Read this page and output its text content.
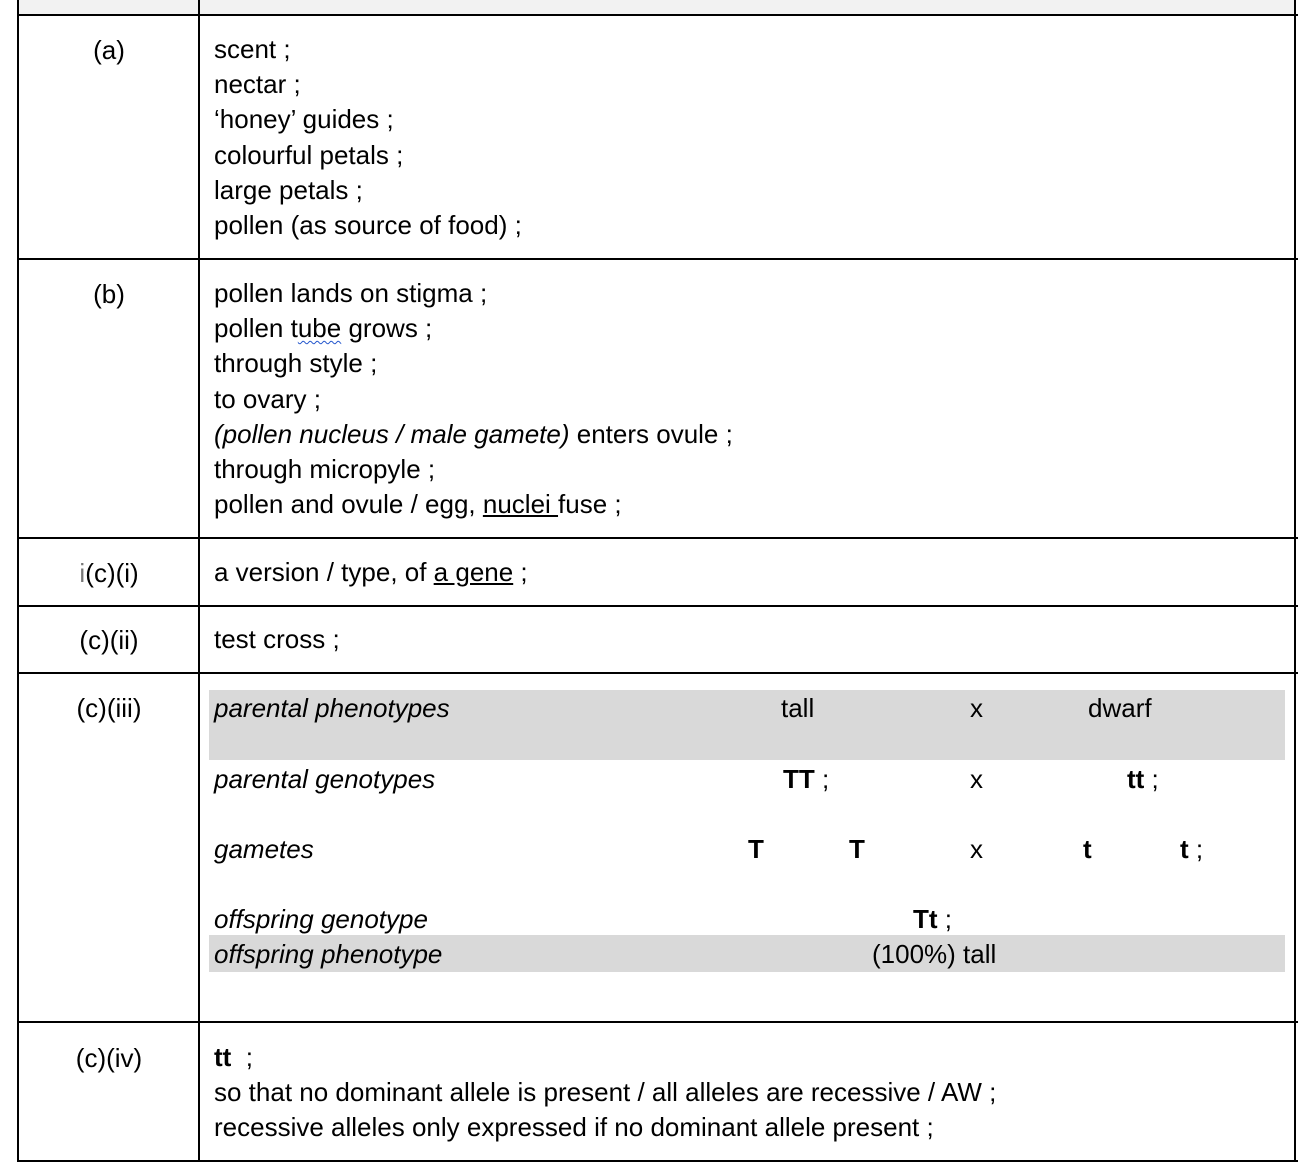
(a)	scent ;
nectar ;
‘honey’ guides ;
colourful petals ;
large petals ;
pollen (as source of food) ;
(b)	pollen lands on stigma ;
pollen tube grows ;
through style ;
to ovary ;
(pollen nucleus / male gamete) enters ovule ;
through micropyle ;
pollen and ovule / egg, nuclei fuse ;
i(c)(i)	a version / type, of a gene ;
(c)(ii)	test cross ;
(c)(iii)	parental phenotypes	tall	x	dwarf
parental genotypes	TT ;	x	tt ;
gametes	T	T	x	t	t ;
offspring genotype	Tt ;
offspring phenotype	(100%) tall
(c)(iv)	tt  ;
so that no dominant allele is present / all alleles are recessive / AW ;
recessive alleles only expressed if no dominant allele present ;
